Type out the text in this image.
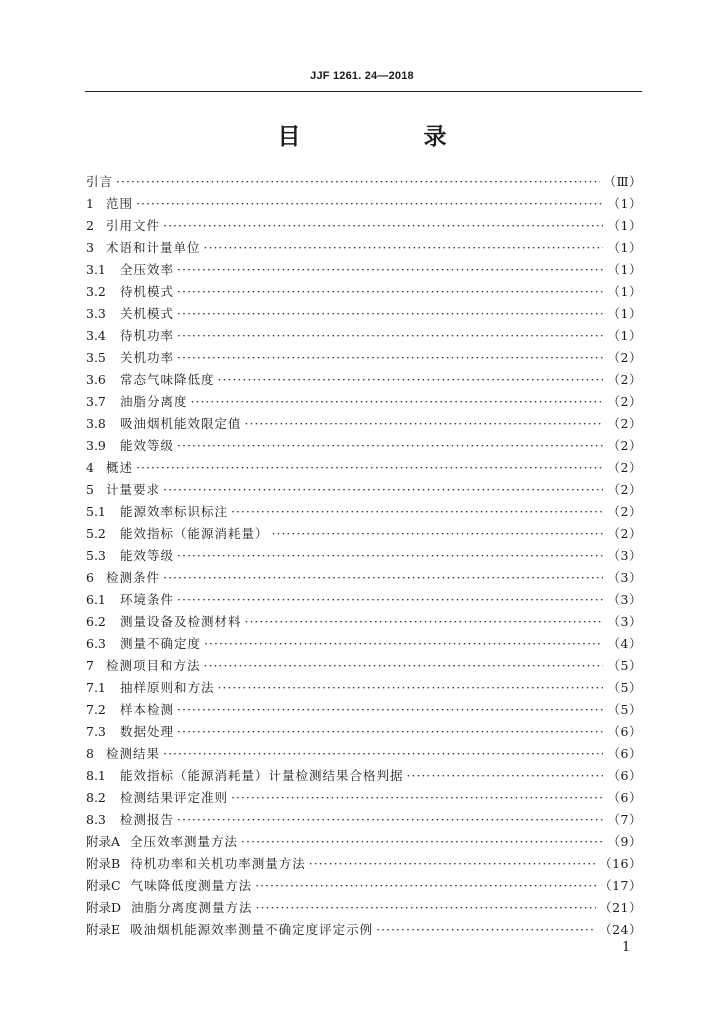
JJF 1261. 24—2018
目　录
引言 ·····	（Ⅲ）
1 范围 ·····	（1）
2 引用文件 ·····	（1）
3 术语和计量单位 ·····	（1）
3.1	全压效率 ·····	（1）
3.2	待机模式 ·····	（1）
3.3	关机模式 ·····	（1）
3.4	待机功率 ·····	（1）
3.5	关机功率 ·····	（2）
3.6	常态气味降低度 ·····	（2）
3.7	油脂分离度 ·····	（2）
3.8	吸油烟机能效限定值 ·····	（2）
3.9	能效等级 ·····	（2）
4 概述 ·····	（2）
5 计量要求 ·····	（2）
5.1	能源效率标识标注 ·····	（2）
5.2	能效指标（能源消耗量） ·····	（2）
5.3	能效等级 ·····	（3）
6 检测条件 ·····	（3）
6.1	环境条件 ·····	（3）
6.2	测量设备及检测材料 ·····	（3）
6.3	测量不确定度 ·····	（4）
7 检测项目和方法 ·····	（5）
7.1	抽样原则和方法 ·····	（5）
7.2	样本检测 ·····	（5）
7.3	数据处理 ·····	（6）
8 检测结果 ·····	（6）
8.1	能效指标（能源消耗量）计量检测结果合格判据 ·····	（6）
8.2	检测结果评定准则 ·····	（6）
8.3	检测报告 ·····	（7）
附录A 全压效率测量方法 ·····	（9）
附录B 待机功率和关机功率测量方法 ·····	（16）
附录C 气味降低度测量方法 ·····	（17）
附录D 油脂分离度测量方法 ·····	（21）
附录E 吸油烟机能源效率测量不确定度评定示例 ·····	（24）
1
